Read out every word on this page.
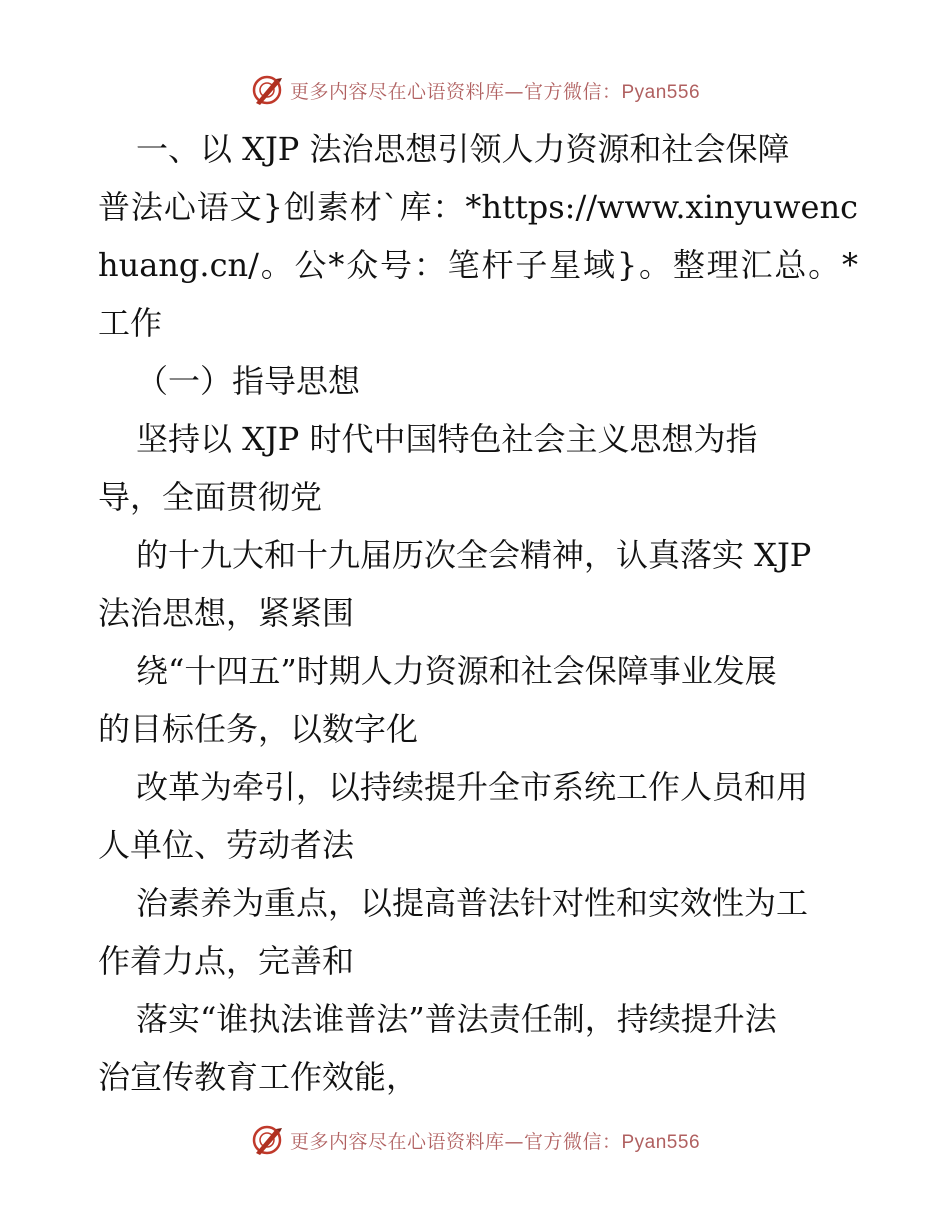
更多内容尽在心语资料库—官方微信：Pyan556
一、以 XJP 法治思想引领人力资源和社会保障
普法心语文}创素材`库：*https://www.xinyuwenc
huang.cn/。公*众号：笔杆子星域}。整理汇总。*
工作
（一）指导思想
坚持以 XJP 时代中国特色社会主义思想为指
导，全面贯彻党
的十九大和十九届历次全会精神，认真落实 XJP
法治思想，紧紧围
绕“十四五”时期人力资源和社会保障事业发展
的目标任务，以数字化
改革为牵引，以持续提升全市系统工作人员和用
人单位、劳动者法
治素养为重点，以提高普法针对性和实效性为工
作着力点，完善和
落实“谁执法谁普法”普法责任制，持续提升法
治宣传教育工作效能，
更多内容尽在心语资料库—官方微信：Pyan556
